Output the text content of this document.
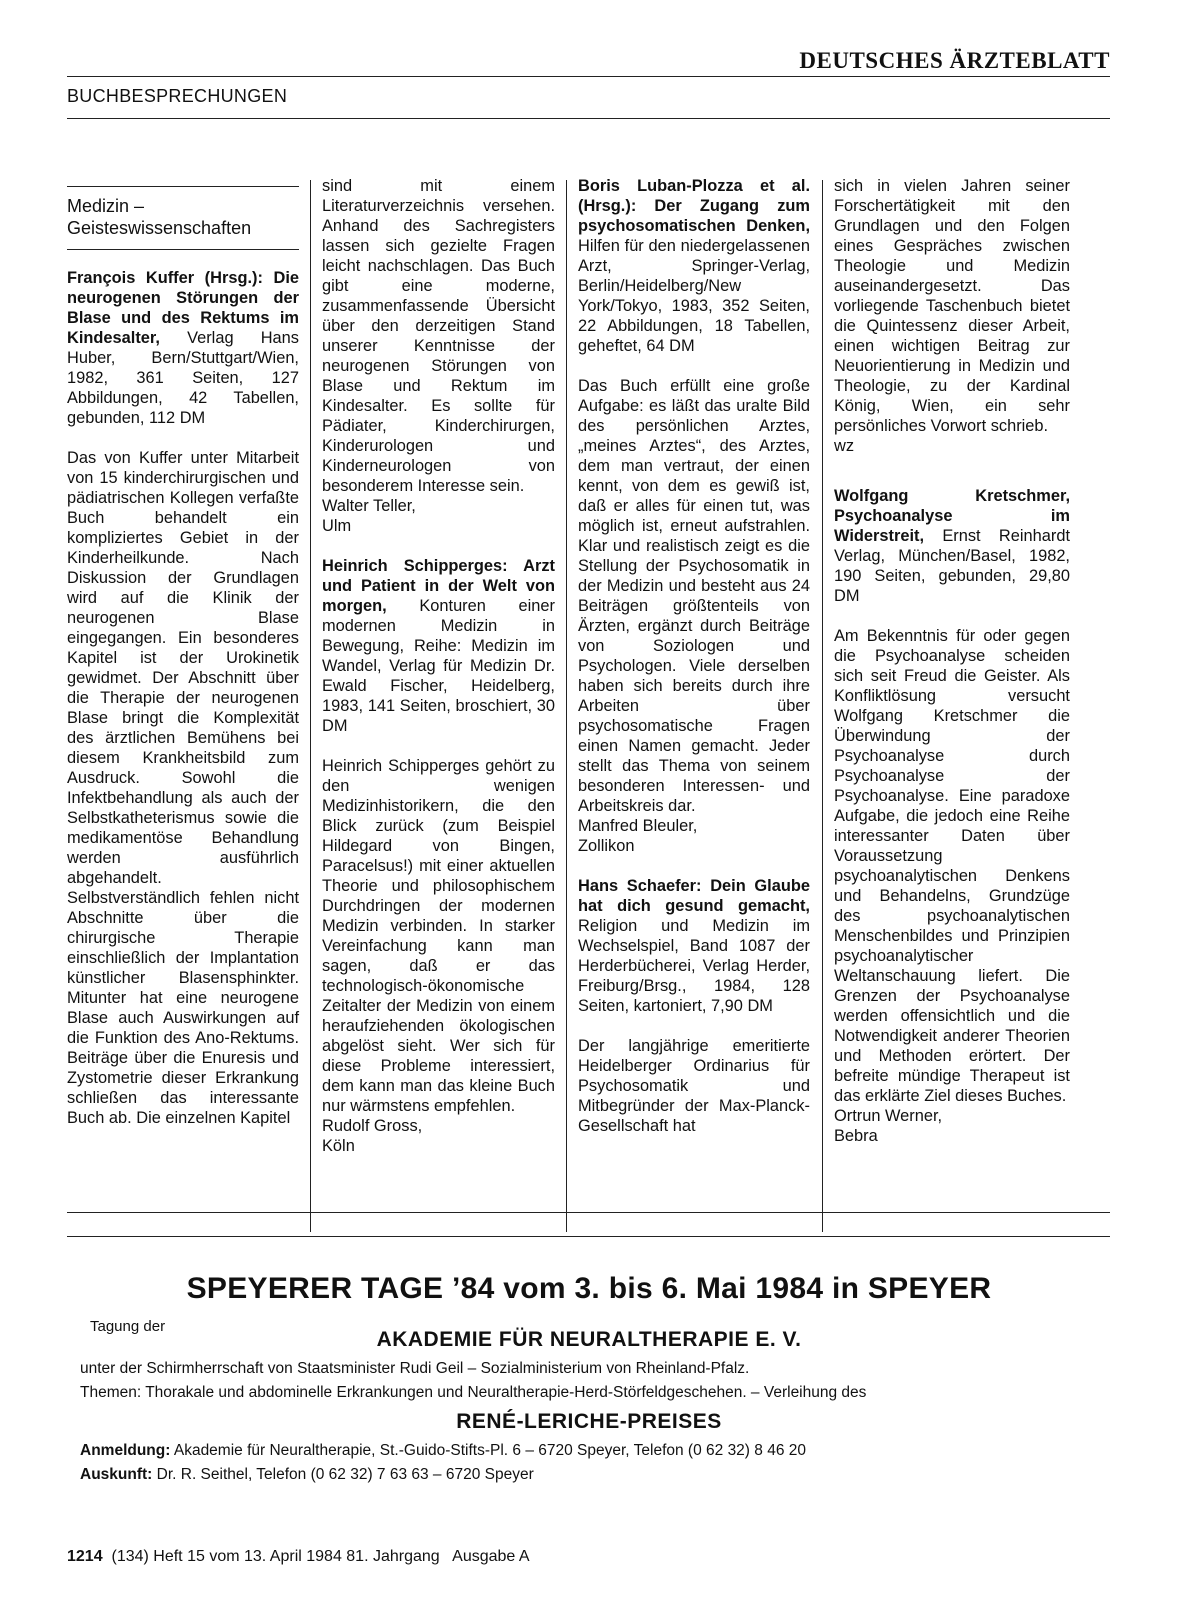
DEUTSCHES ÄRZTEBLATT
BUCHBESPRECHUNGEN
Medizin –
Geisteswissenschaften

François Kuffer (Hrsg.): Die neurogenen Störungen der Blase und des Rektums im Kindesalter, Verlag Hans Huber, Bern/Stuttgart/Wien, 1982, 361 Seiten, 127 Abbildungen, 42 Tabellen, gebunden, 112 DM

Das von Kuffer unter Mitarbeit von 15 kinderchirurgischen und pädiatrischen Kollegen verfaßte Buch behandelt ein kompliziertes Gebiet in der Kinderheilkunde. Nach Diskussion der Grundlagen wird auf die Klinik der neurogenen Blase eingegangen. Ein besonderes Kapitel ist der Urokinetik gewidmet. Der Abschnitt über die Therapie der neurogenen Blase bringt die Komplexität des ärztlichen Bemühens bei diesem Krankheitsbild zum Ausdruck. Sowohl die Infektbehandlung als auch der Selbstkatheterismus sowie die medikamentöse Behandlung werden ausführlich abgehandelt. Selbstverständlich fehlen nicht Abschnitte über die chirurgische Therapie einschließlich der Implantation künstlicher Blasensphinkter. Mitunter hat eine neurogene Blase auch Auswirkungen auf die Funktion des Ano-Rektums. Beiträge über die Enuresis und Zystometrie dieser Erkrankung schließen das interessante Buch ab. Die einzelnen Kapitel

sind mit einem Literaturverzeichnis versehen. Anhand des Sachregisters lassen sich gezielte Fragen leicht nachschlagen. Das Buch gibt eine moderne, zusammenfassende Übersicht über den derzeitigen Stand unserer Kenntnisse der neurogenen Störungen von Blase und Rektum im Kindesalter. Es sollte für Pädiater, Kinderchirurgen, Kinderurologen und Kinderneurologen von besonderem Interesse sein.

Walter Teller,

Ulm

Heinrich Schipperges: Arzt und Patient in der Welt von morgen, Konturen einer modernen Medizin in Bewegung, Reihe: Medizin im Wandel, Verlag für Medizin Dr. Ewald Fischer, Heidelberg, 1983, 141 Seiten, broschiert, 30 DM

Heinrich Schipperges gehört zu den wenigen Medizinhistorikern, die den Blick zurück (zum Beispiel Hildegard von Bingen, Paracelsus!) mit einer aktuellen Theorie und philosophischem Durchdringen der modernen Medizin verbinden. In starker Vereinfachung kann man sagen, daß er das technologisch-ökonomische Zeitalter der Medizin von einem heraufziehenden ökologischen abgelöst sieht. Wer sich für diese Probleme interessiert, dem kann man das kleine Buch nur wärmstens empfehlen.

Rudolf Gross,

Köln

Boris Luban-Plozza et al. (Hrsg.): Der Zugang zum psychosomatischen Denken, Hilfen für den niedergelassenen Arzt, Springer-Verlag, Berlin/Heidelberg/New York/Tokyo, 1983, 352 Seiten, 22 Abbildungen, 18 Tabellen, geheftet, 64 DM

Das Buch erfüllt eine große Aufgabe: es läßt das uralte Bild des persönlichen Arztes, „meines Arztes“, des Arztes, dem man vertraut, der einen kennt, von dem es gewiß ist, daß er alles für einen tut, was möglich ist, erneut aufstrahlen. Klar und realistisch zeigt es die Stellung der Psychosomatik in der Medizin und besteht aus 24 Beiträgen größtenteils von Ärzten, ergänzt durch Beiträge von Soziologen und Psychologen. Viele derselben haben sich bereits durch ihre Arbeiten über psychosomatische Fragen einen Namen gemacht. Jeder stellt das Thema von seinem besonderen Interessen- und Arbeitskreis dar.

Manfred Bleuler,

Zollikon

Hans Schaefer: Dein Glaube hat dich gesund gemacht, Religion und Medizin im Wechselspiel, Band 1087 der Herderbücherei, Verlag Herder, Freiburg/Brsg., 1984, 128 Seiten, kartoniert, 7,90 DM

Der langjährige emeritierte Heidelberger Ordinarius für Psychosomatik und Mitbegründer der Max-Planck-Gesellschaft hat

sich in vielen Jahren seiner Forschertätigkeit mit den Grundlagen und den Folgen eines Gespräches zwischen Theologie und Medizin auseinandergesetzt. Das vorliegende Taschenbuch bietet die Quintessenz dieser Arbeit, einen wichtigen Beitrag zur Neuorientierung in Medizin und Theologie, zu der Kardinal König, Wien, ein sehr persönliches Vorwort schrieb.

wz

Wolfgang Kretschmer, Psychoanalyse im Widerstreit, Ernst Reinhardt Verlag, München/Basel, 1982, 190 Seiten, gebunden, 29,80 DM

Am Bekenntnis für oder gegen die Psychoanalyse scheiden sich seit Freud die Geister. Als Konfliktlösung versucht Wolfgang Kretschmer die Überwindung der Psychoanalyse durch Psychoanalyse der Psychoanalyse. Eine paradoxe Aufgabe, die jedoch eine Reihe interessanter Daten über Voraussetzung psychoanalytischen Denkens und Behandelns, Grundzüge des psychoanalytischen Menschenbildes und Prinzipien psychoanalytischer Weltanschauung liefert. Die Grenzen der Psychoanalyse werden offensichtlich und die Notwendigkeit anderer Theorien und Methoden erörtert. Der befreite mündige Therapeut ist das erklärte Ziel dieses Buches.

Ortrun Werner,

Bebra

SPEYERER TAGE ’84 vom 3. bis 6. Mai 1984 in SPEYER
Tagung der
AKADEMIE FÜR NEURALTHERAPIE E. V.
unter der Schirmherrschaft von Staatsminister Rudi Geil – Sozialministerium von Rheinland-Pfalz.
Themen: Thorakale und abdominelle Erkrankungen und Neuraltherapie-Herd-Störfeldgeschehen. – Verleihung des
RENÉ-LERICHE-PREISES
Anmeldung: Akademie für Neuraltherapie, St.-Guido-Stifts-Pl. 6 – 6720 Speyer, Telefon (0 62 32) 8 46 20
Auskunft: Dr. R. Seithel, Telefon (0 62 32) 7 63 63 – 6720 Speyer
1214  (134) Heft 15 vom 13. April 1984 81. Jahrgang   Ausgabe A
